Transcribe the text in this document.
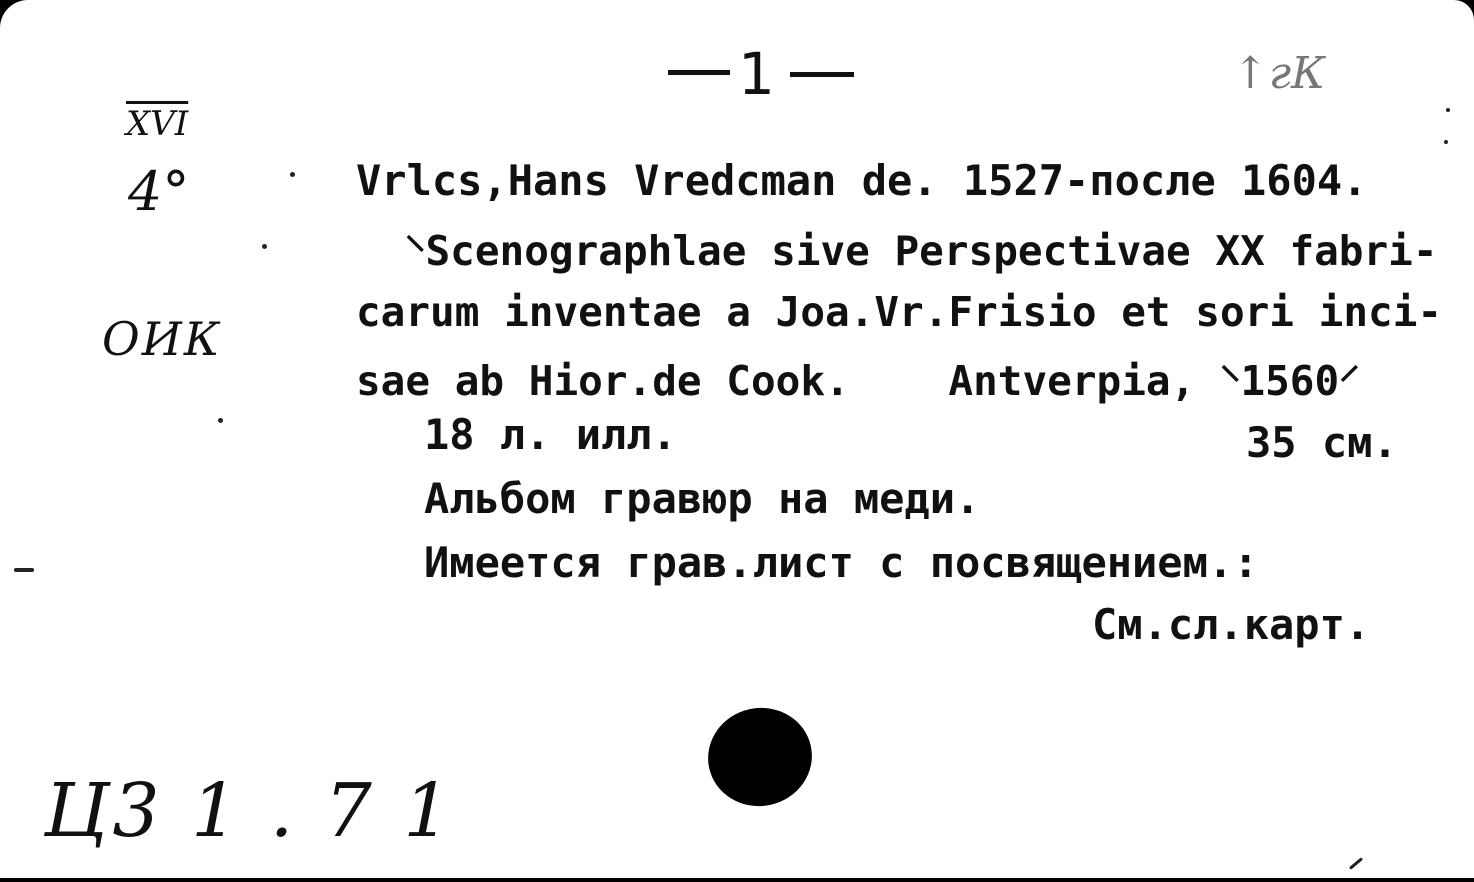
1	↑гК
$\overline{XVI}$
4°
ОИК
Ц3 1 . 7 1
Vrlcs,Hans Vredcman de. 1527-после 1604.
⸌Scenographlae sive Perspectivae XX fabri-
carum inventae a Joa.Vr.Frisio et sori inci-
sae ab Hior.de Cook.    Antverpia, ⸌1560⸍
18 л. илл.	35 см.
Альбом гравюр на меди.
Имеется грав.лист с посвящением.:
См.сл.карт.
